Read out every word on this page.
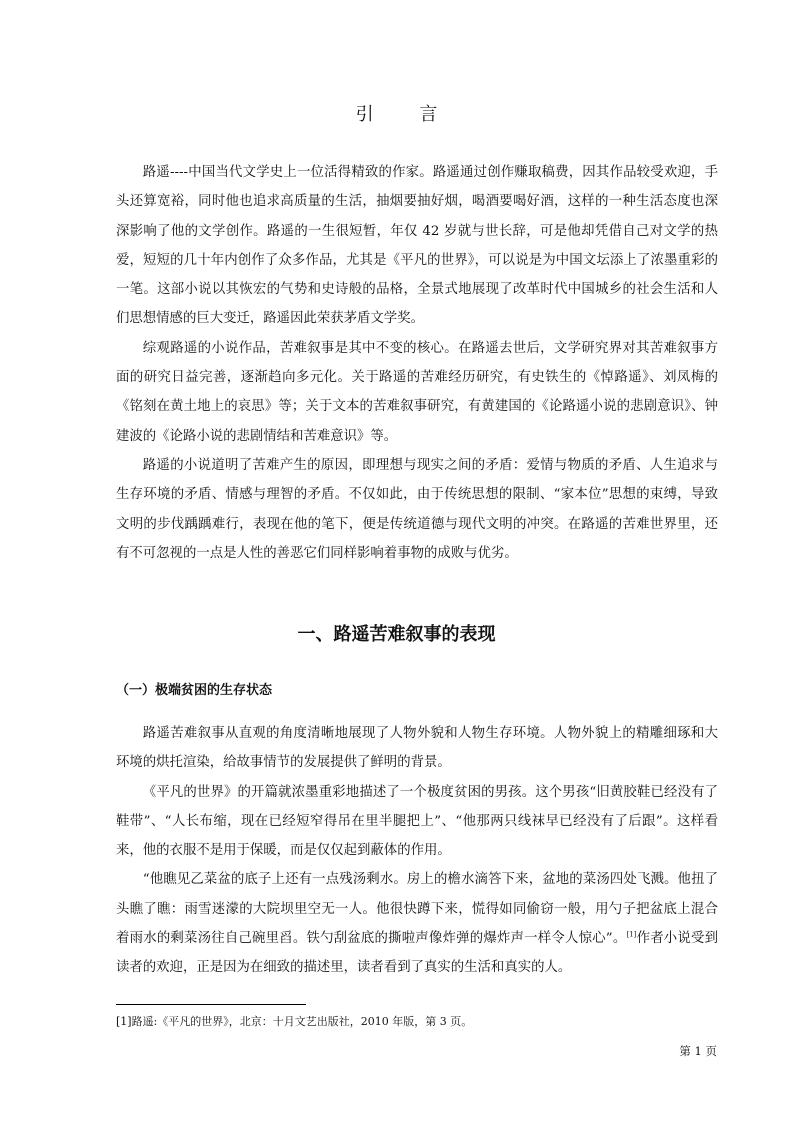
引 言

路遥----中国当代文学史上一位活得精致的作家。路遥通过创作赚取稿费，因其作品较受欢迎，手头还算宽裕，同时他也追求高质量的生活，抽烟要抽好烟，喝酒要喝好酒，这样的一种生活态度也深深影响了他的文学创作。路遥的一生很短暂，年仅 42 岁就与世长辞，可是他却凭借自己对文学的热爱，短短的几十年内创作了众多作品，尤其是《平凡的世界》，可以说是为中国文坛添上了浓墨重彩的一笔。这部小说以其恢宏的气势和史诗般的品格，全景式地展现了改革时代中国城乡的社会生活和人们思想情感的巨大变迁，路遥因此荣获茅盾文学奖。

综观路遥的小说作品，苦难叙事是其中不变的核心。在路遥去世后，文学研究界对其苦难叙事方面的研究日益完善，逐渐趋向多元化。关于路遥的苦难经历研究，有史铁生的《悼路遥》、刘凤梅的《铭刻在黄土地上的哀思》等；关于文本的苦难叙事研究，有黄建国的《论路遥小说的悲剧意识》、钟建波的《论路小说的悲剧情结和苦难意识》等。

路遥的小说道明了苦难产生的原因，即理想与现实之间的矛盾：爱情与物质的矛盾、人生追求与生存环境的矛盾、情感与理智的矛盾。不仅如此，由于传统思想的限制、“家本位”思想的束缚，导致文明的步伐踽踽难行，表现在他的笔下，便是传统道德与现代文明的冲突。在路遥的苦难世界里，还有不可忽视的一点是人性的善恶它们同样影响着事物的成败与优劣。

一、路遥苦难叙事的表现
（一）极端贫困的生存状态

路遥苦难叙事从直观的角度清晰地展现了人物外貌和人物生存环境。人物外貌上的精雕细琢和大环境的烘托渲染，给故事情节的发展提供了鲜明的背景。

《平凡的世界》的开篇就浓墨重彩地描述了一个极度贫困的男孩。这个男孩“旧黄胶鞋已经没有了鞋带”、“人长布缩，现在已经短窄得吊在里半腿把上”、“他那两只线袜早已经没有了后跟”。这样看来，他的衣服不是用于保暖，而是仅仅起到蔽体的作用。

“他瞧见乙菜盆的底子上还有一点残汤剩水。房上的檐水滴答下来，盆地的菜汤四处飞溅。他扭了头瞧了瞧：雨雪迷濛的大院坝里空无一人。他很快蹲下来，慌得如同偷窃一般，用勺子把盆底上混合着雨水的剩菜汤往自己碗里舀。铁勺刮盆底的撕啦声像炸弹的爆炸声一样令人惊心”。[1]作者小说受到读者的欢迎，正是因为在细致的描述里，读者看到了真实的生活和真实的人。

[1]路遥:《平凡的世界》，北京：十月文艺出版社，2010 年版，第 3 页。
第 1 页
